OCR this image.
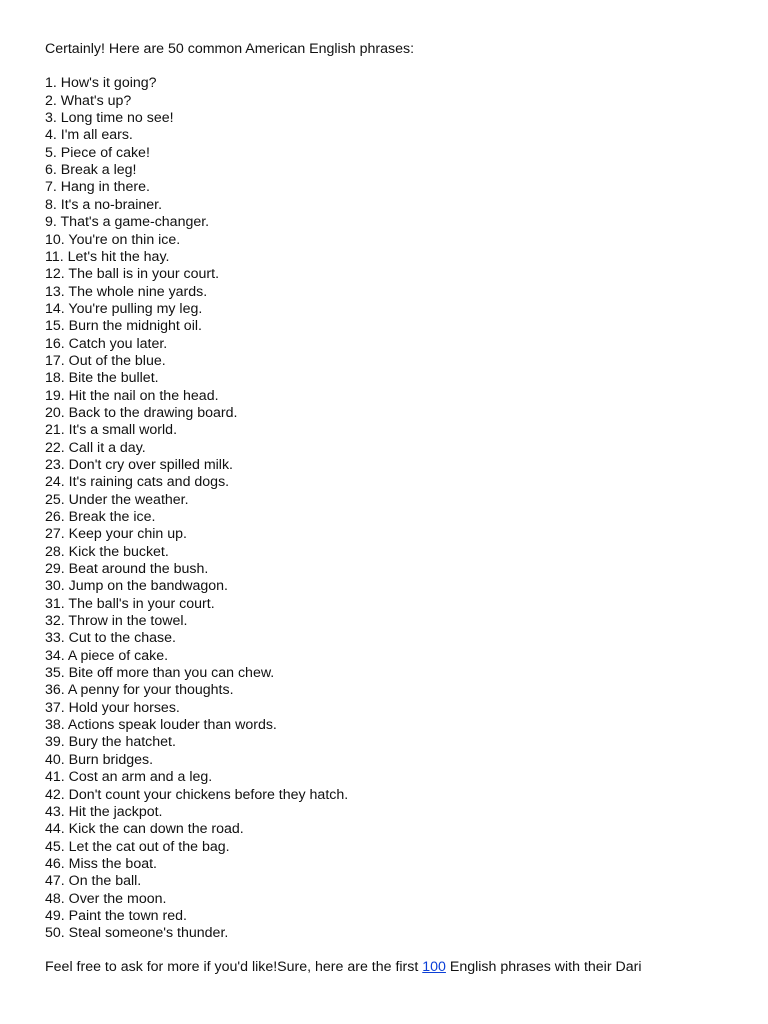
Certainly! Here are 50 common American English phrases:

1. How's it going?
2. What's up?
3. Long time no see!
4. I'm all ears.
5. Piece of cake!
6. Break a leg!
7. Hang in there.
8. It's a no-brainer.
9. That's a game-changer.
10. You're on thin ice.
11. Let's hit the hay.
12. The ball is in your court.
13. The whole nine yards.
14. You're pulling my leg.
15. Burn the midnight oil.
16. Catch you later.
17. Out of the blue.
18. Bite the bullet.
19. Hit the nail on the head.
20. Back to the drawing board.
21. It's a small world.
22. Call it a day.
23. Don't cry over spilled milk.
24. It's raining cats and dogs.
25. Under the weather.
26. Break the ice.
27. Keep your chin up.
28. Kick the bucket.
29. Beat around the bush.
30. Jump on the bandwagon.
31. The ball's in your court.
32. Throw in the towel.
33. Cut to the chase.
34. A piece of cake.
35. Bite off more than you can chew.
36. A penny for your thoughts.
37. Hold your horses.
38. Actions speak louder than words.
39. Bury the hatchet.
40. Burn bridges.
41. Cost an arm and a leg.
42. Don't count your chickens before they hatch.
43. Hit the jackpot.
44. Kick the can down the road.
45. Let the cat out of the bag.
46. Miss the boat.
47. On the ball.
48. Over the moon.
49. Paint the town red.
50. Steal someone's thunder.

Feel free to ask for more if you'd like!Sure, here are the first 100 English phrases with their Dari
